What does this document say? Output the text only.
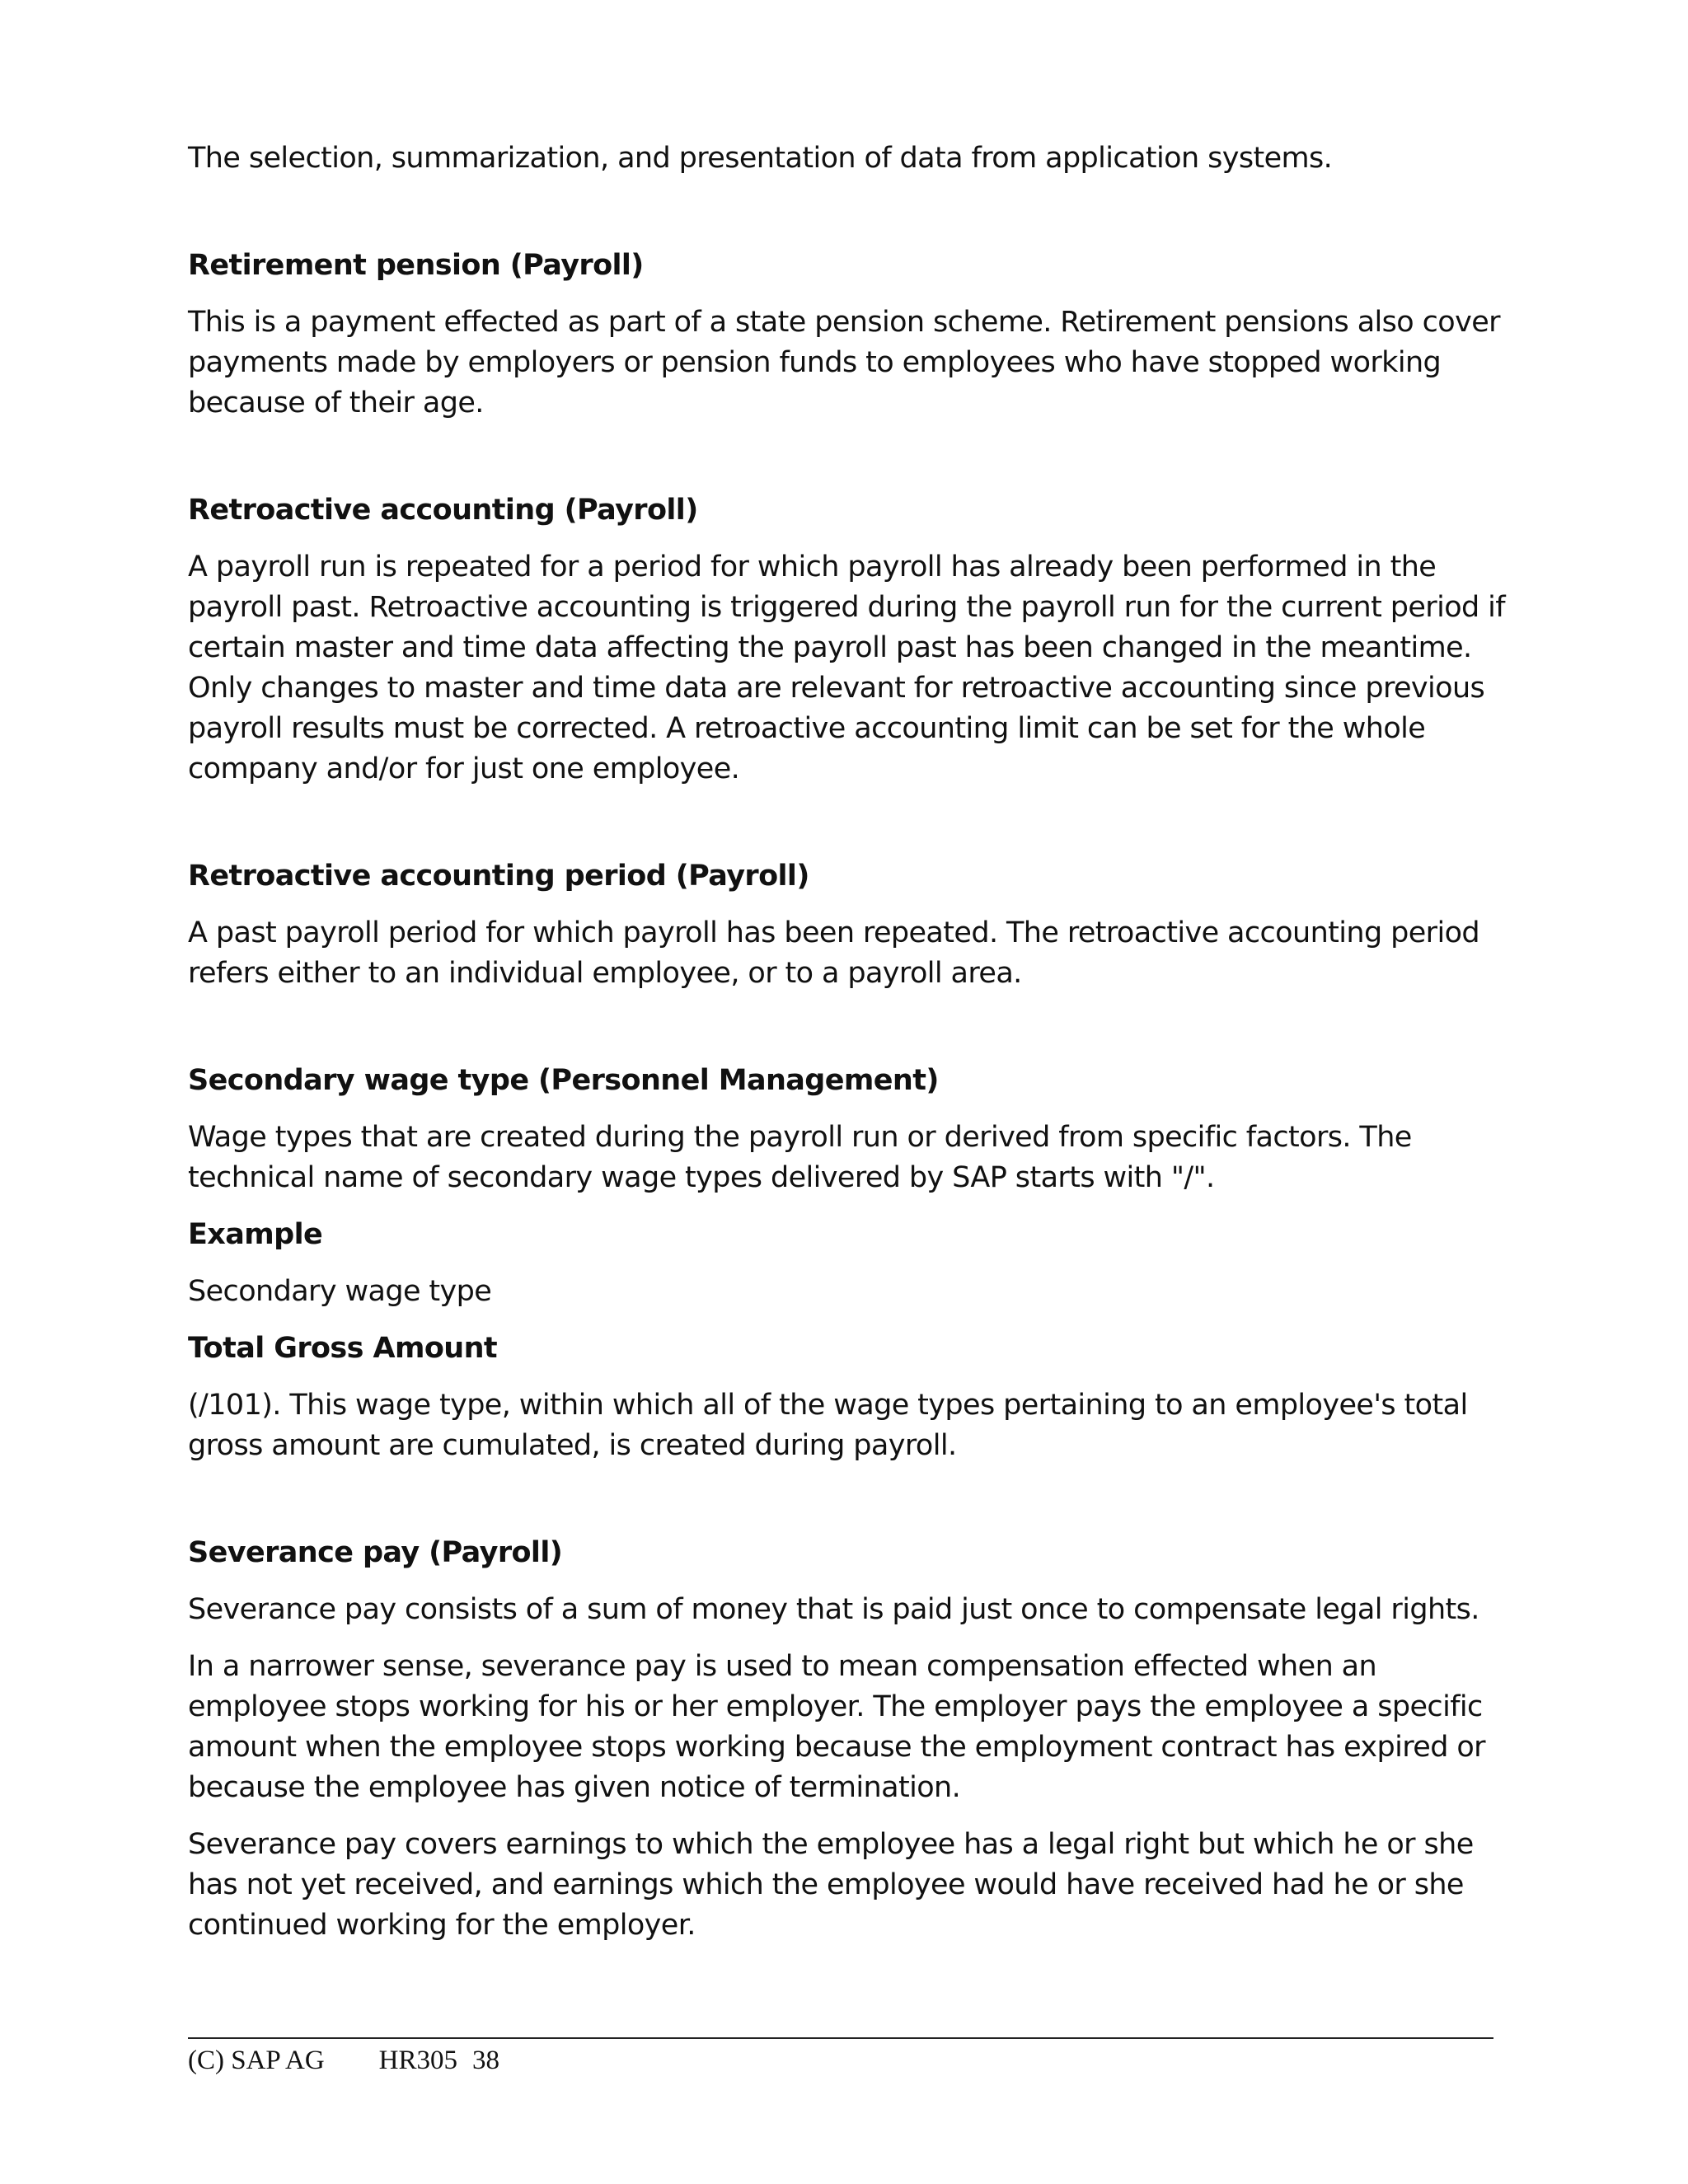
The selection, summarization, and presentation of data from application systems.

Retirement pension (Payroll)

This is a payment effected as part of a state pension scheme. Retirement pensions also cover payments made by employers or pension funds to employees who have stopped working because of their age.

Retroactive accounting (Payroll)

A payroll run is repeated for a period for which payroll has already been performed in the payroll past. Retroactive accounting is triggered during the payroll run for the current period if certain master and time data affecting the payroll past has been changed in the meantime. Only changes to master and time data are relevant for retroactive accounting since previous payroll results must be corrected. A retroactive accounting limit can be set for the whole company and/or for just one employee.

Retroactive accounting period (Payroll)

A past payroll period for which payroll has been repeated. The retroactive accounting period refers either to an individual employee, or to a payroll area.

Secondary wage type (Personnel Management)

Wage types that are created during the payroll run or derived from specific factors. The technical name of secondary wage types delivered by SAP starts with "/".

Example

Secondary wage type

Total Gross Amount

(/101). This wage type, within which all of the wage types pertaining to an employee's total gross amount are cumulated, is created during payroll.

Severance pay (Payroll)

Severance pay consists of a sum of money that is paid just once to compensate legal rights.

In a narrower sense, severance pay is used to mean compensation effected when an employee stops working for his or her employer. The employer pays the employee a specific amount when the employee stops working because the employment contract has expired or because the employee has given notice of termination.

Severance pay covers earnings to which the employee has a legal right but which he or she has not yet received, and earnings which the employee would have received had he or she continued working for the employer.

(C) SAP AG HR305 38
